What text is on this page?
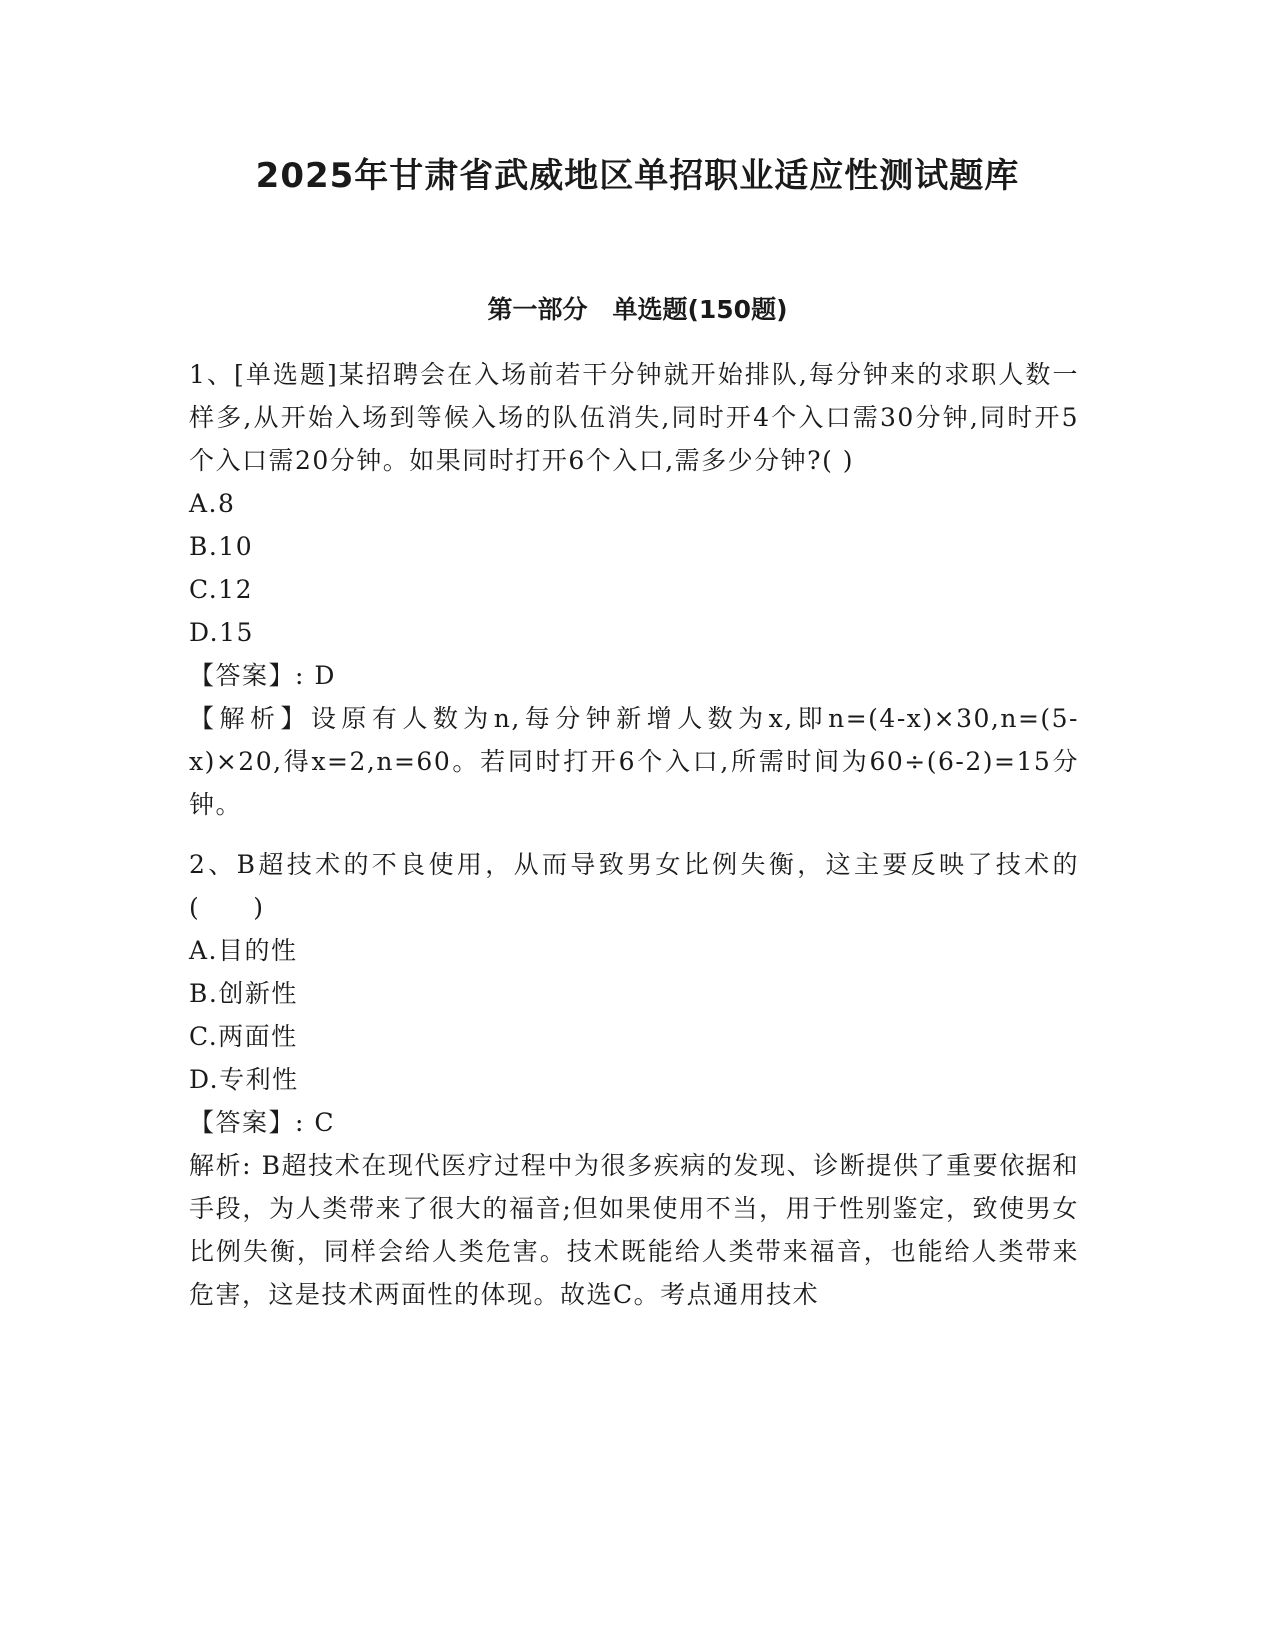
2025年甘肃省武威地区单招职业适应性测试题库
第一部分　单选题(150题)

1、[单选题]某招聘会在入场前若干分钟就开始排队,每分钟来的求职人数一样多,从开始入场到等候入场的队伍消失,同时开4个入口需30分钟,同时开5个入口需20分钟。如果同时打开6个入口,需多少分钟?( )

A.8

B.10

C.12

D.15

【答案】: D

【解析】设原有人数为n,每分钟新增人数为x,即n=(4-x)×30,n=(5-x)×20,得x=2,n=60。若同时打开6个入口,所需时间为60÷(6-2)=15分钟。

2、B超技术的不良使用，从而导致男女比例失衡，这主要反映了技术的(　　)

A.目的性

B.创新性

C.两面性

D.专利性

【答案】: C

解析: B超技术在现代医疗过程中为很多疾病的发现、诊断提供了重要依据和手段，为人类带来了很大的福音;但如果使用不当，用于性别鉴定，致使男女比例失衡，同样会给人类危害。技术既能给人类带来福音，也能给人类带来危害，这是技术两面性的体现。故选C。考点通用技术
